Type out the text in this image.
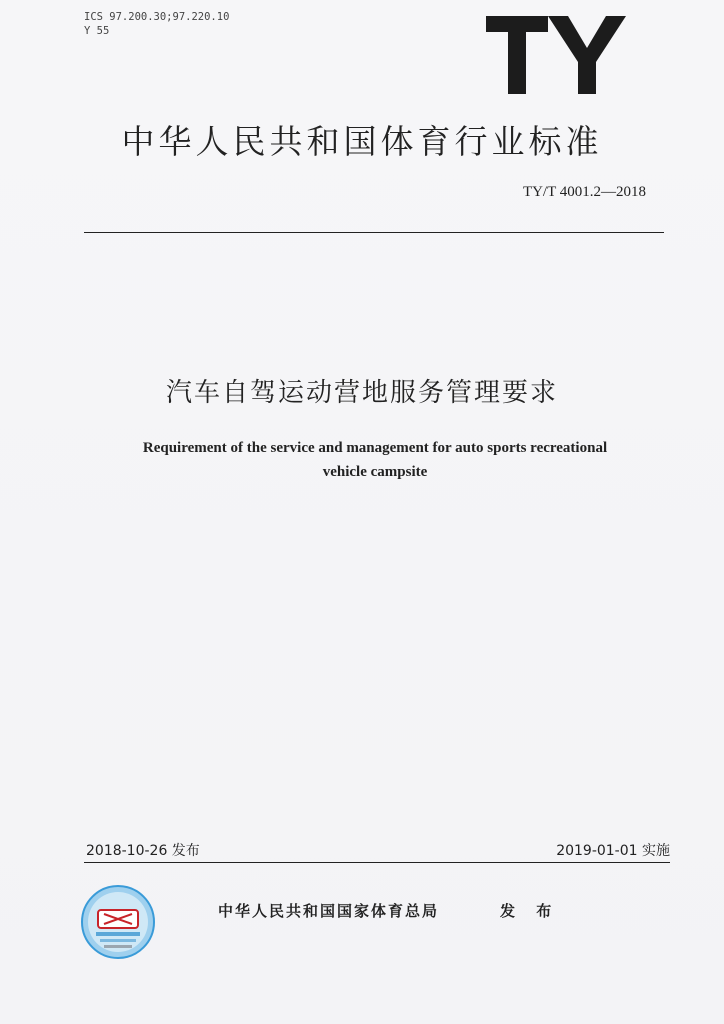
ICS 97.200.30;97.220.10
Y 55
中华人民共和国体育行业标准
TY/T 4001.2—2018
汽车自驾运动营地服务管理要求
Requirement of the service and management for auto sports recreational
vehicle campsite
2018-10-26 发布	2019-01-01 实施
中华人民共和国国家体育总局	发 布
